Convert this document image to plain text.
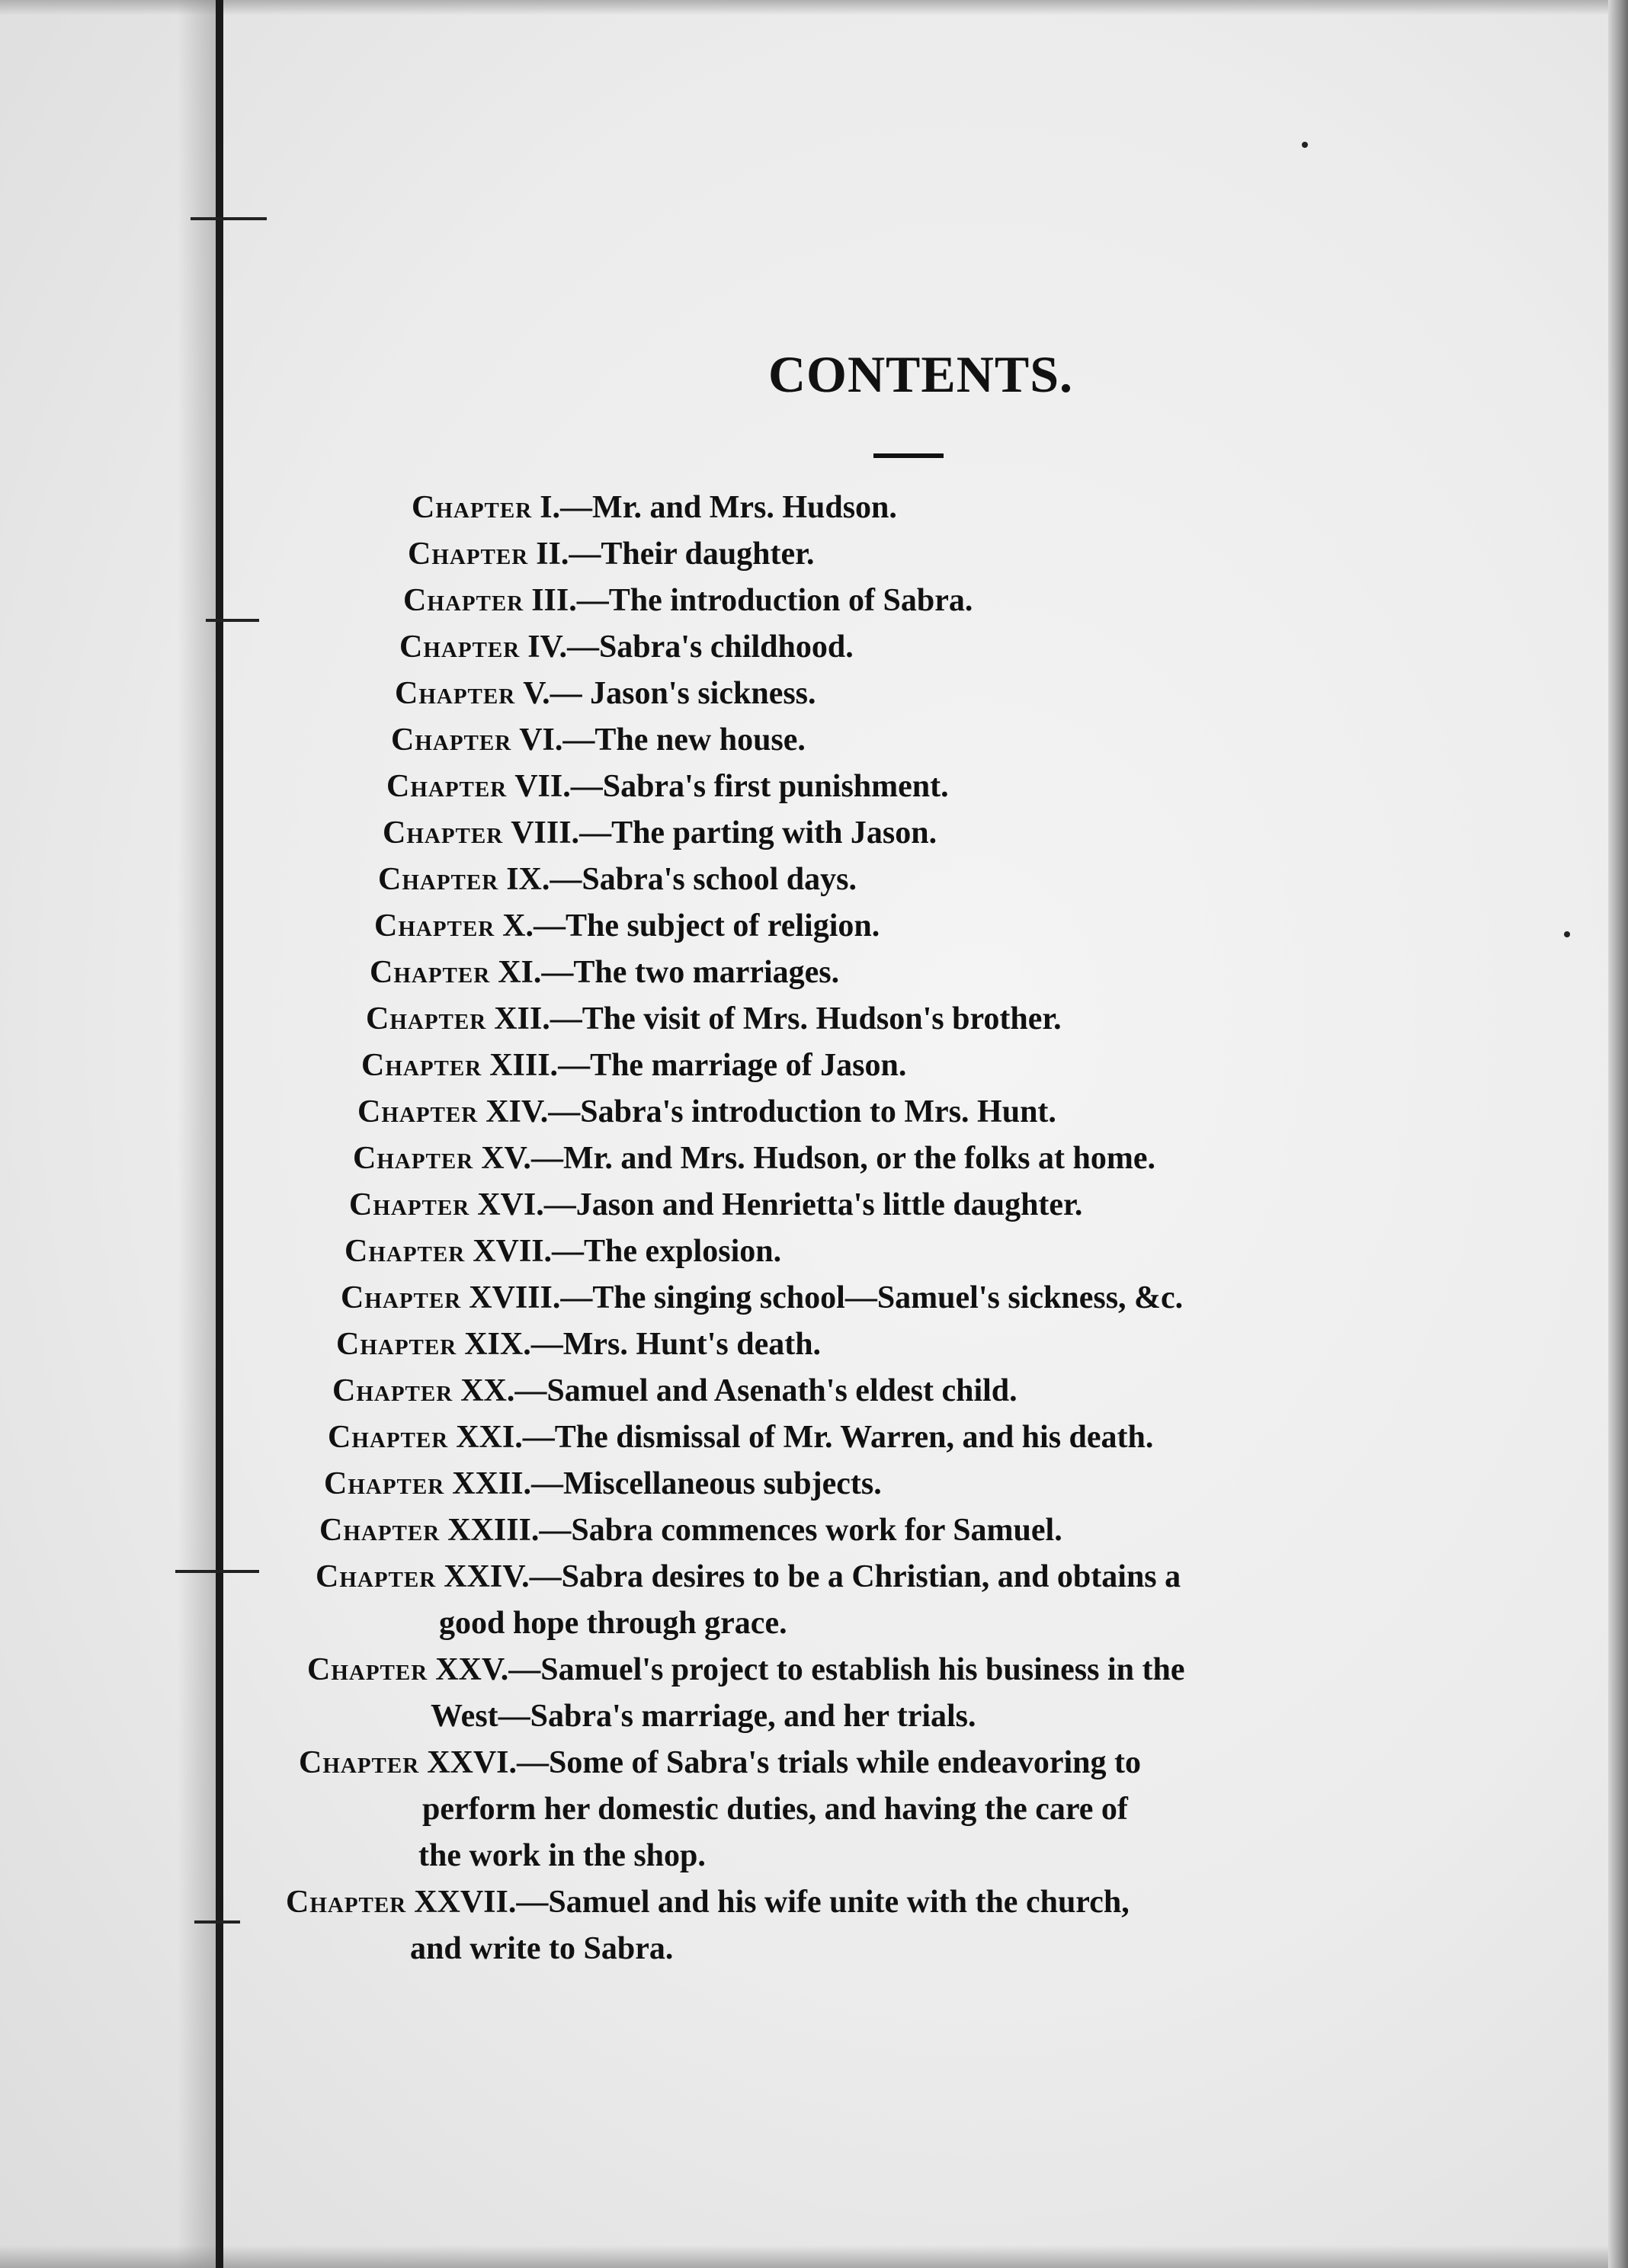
CONTENTS.
Chapter I.—Mr. and Mrs. Hudson.
Chapter II.—Their daughter.
Chapter III.—The introduction of Sabra.
Chapter IV.—Sabra's childhood.
Chapter V.— Jason's sickness.
Chapter VI.—The new house.
Chapter VII.—Sabra's first punishment.
Chapter VIII.—The parting with Jason.
Chapter IX.—Sabra's school days.
Chapter X.—The subject of religion.
Chapter XI.—The two marriages.
Chapter XII.—The visit of Mrs. Hudson's brother.
Chapter XIII.—The marriage of Jason.
Chapter XIV.—Sabra's introduction to Mrs. Hunt.
Chapter XV.—Mr. and Mrs. Hudson, or the folks at home.
Chapter XVI.—Jason and Henrietta's little daughter.
Chapter XVII.—The explosion.
Chapter XVIII.—The singing school—Samuel's sickness, &c.
Chapter XIX.—Mrs. Hunt's death.
Chapter XX.—Samuel and Asenath's eldest child.
Chapter XXI.—The dismissal of Mr. Warren, and his death.
Chapter XXII.—Miscellaneous subjects.
Chapter XXIII.—Sabra commences work for Samuel.
Chapter XXIV.—Sabra desires to be a Christian, and obtains a
good hope through grace.
Chapter XXV.—Samuel's project to establish his business in the
West—Sabra's marriage, and her trials.
Chapter XXVI.—Some of Sabra's trials while endeavoring to
perform her domestic duties, and having the care of
the work in the shop.
Chapter XXVII.—Samuel and his wife unite with the church,
and write to Sabra.
